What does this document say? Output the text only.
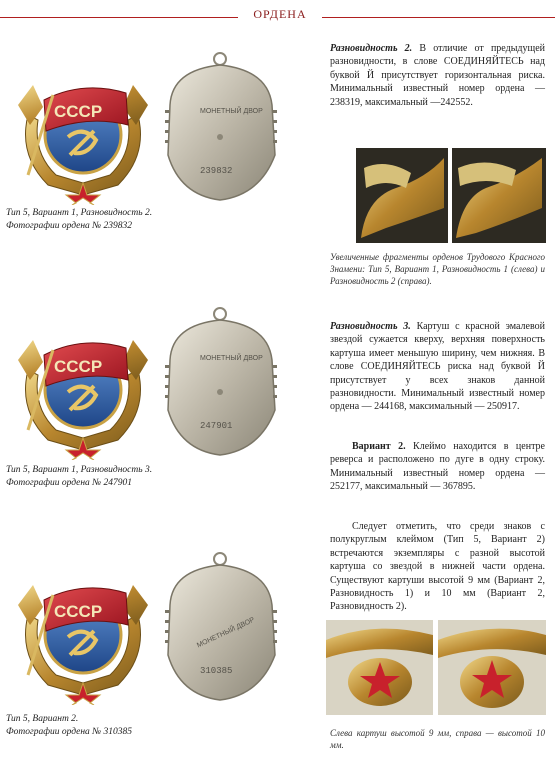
ОРДЕНА
СССР	МОНЕТНЫЙ ДВОР
239832
Тип 5, Вариант 1, Разновидность 2.
Фотографии ордена № 239832
СССР	МОНЕТНЫЙ ДВОР
247901
Тип 5, Вариант 1, Разновидность 3.
Фотографии ордена № 247901
СССР
МОНЕТНЫЙ ДВОР
310385
Тип 5, Вариант 2.
Фотографии ордена № 310385
Разновидность 2. В отличие от предыдущей разновидности, в слове СОЕДИНЯЙТЕСЬ над буквой Й присутствует горизонтальная риска. Минимальный известный номер ордена — 238319, максимальный —242552.
Увеличенные фрагменты орденов Трудового Красного Знамени: Тип 5, Вариант 1, Разновидность 1 (слева) и Разновидность 2 (справа).
Разновидность 3. Картуш с красной эмалевой звездой сужается кверху, верхняя поверхность картуша имеет меньшую ширину, чем нижняя. В слове СОЕДИНЯЙТЕСЬ риска над буквой Й присутствует у всех знаков данной разновидности. Минимальный известный номер ордена — 244168, максимальный — 250917.
Вариант 2. Клеймо находится в центре реверса и расположено по дуге в одну строку. Минимальный известный номер ордена — 252177, максимальный — 367895.
Следует отметить, что среди знаков с полукруглым клеймом (Тип 5, Вариант 2) встречаются экземпляры с разной высотой картуша со звездой в нижней части ордена. Существуют картуши высотой 9 мм (Вариант 2, Разновидность 1) и 10 мм (Вариант 2, Разновидность 2).
Слева картуш высотой 9 мм, справа — высотой 10 мм.
